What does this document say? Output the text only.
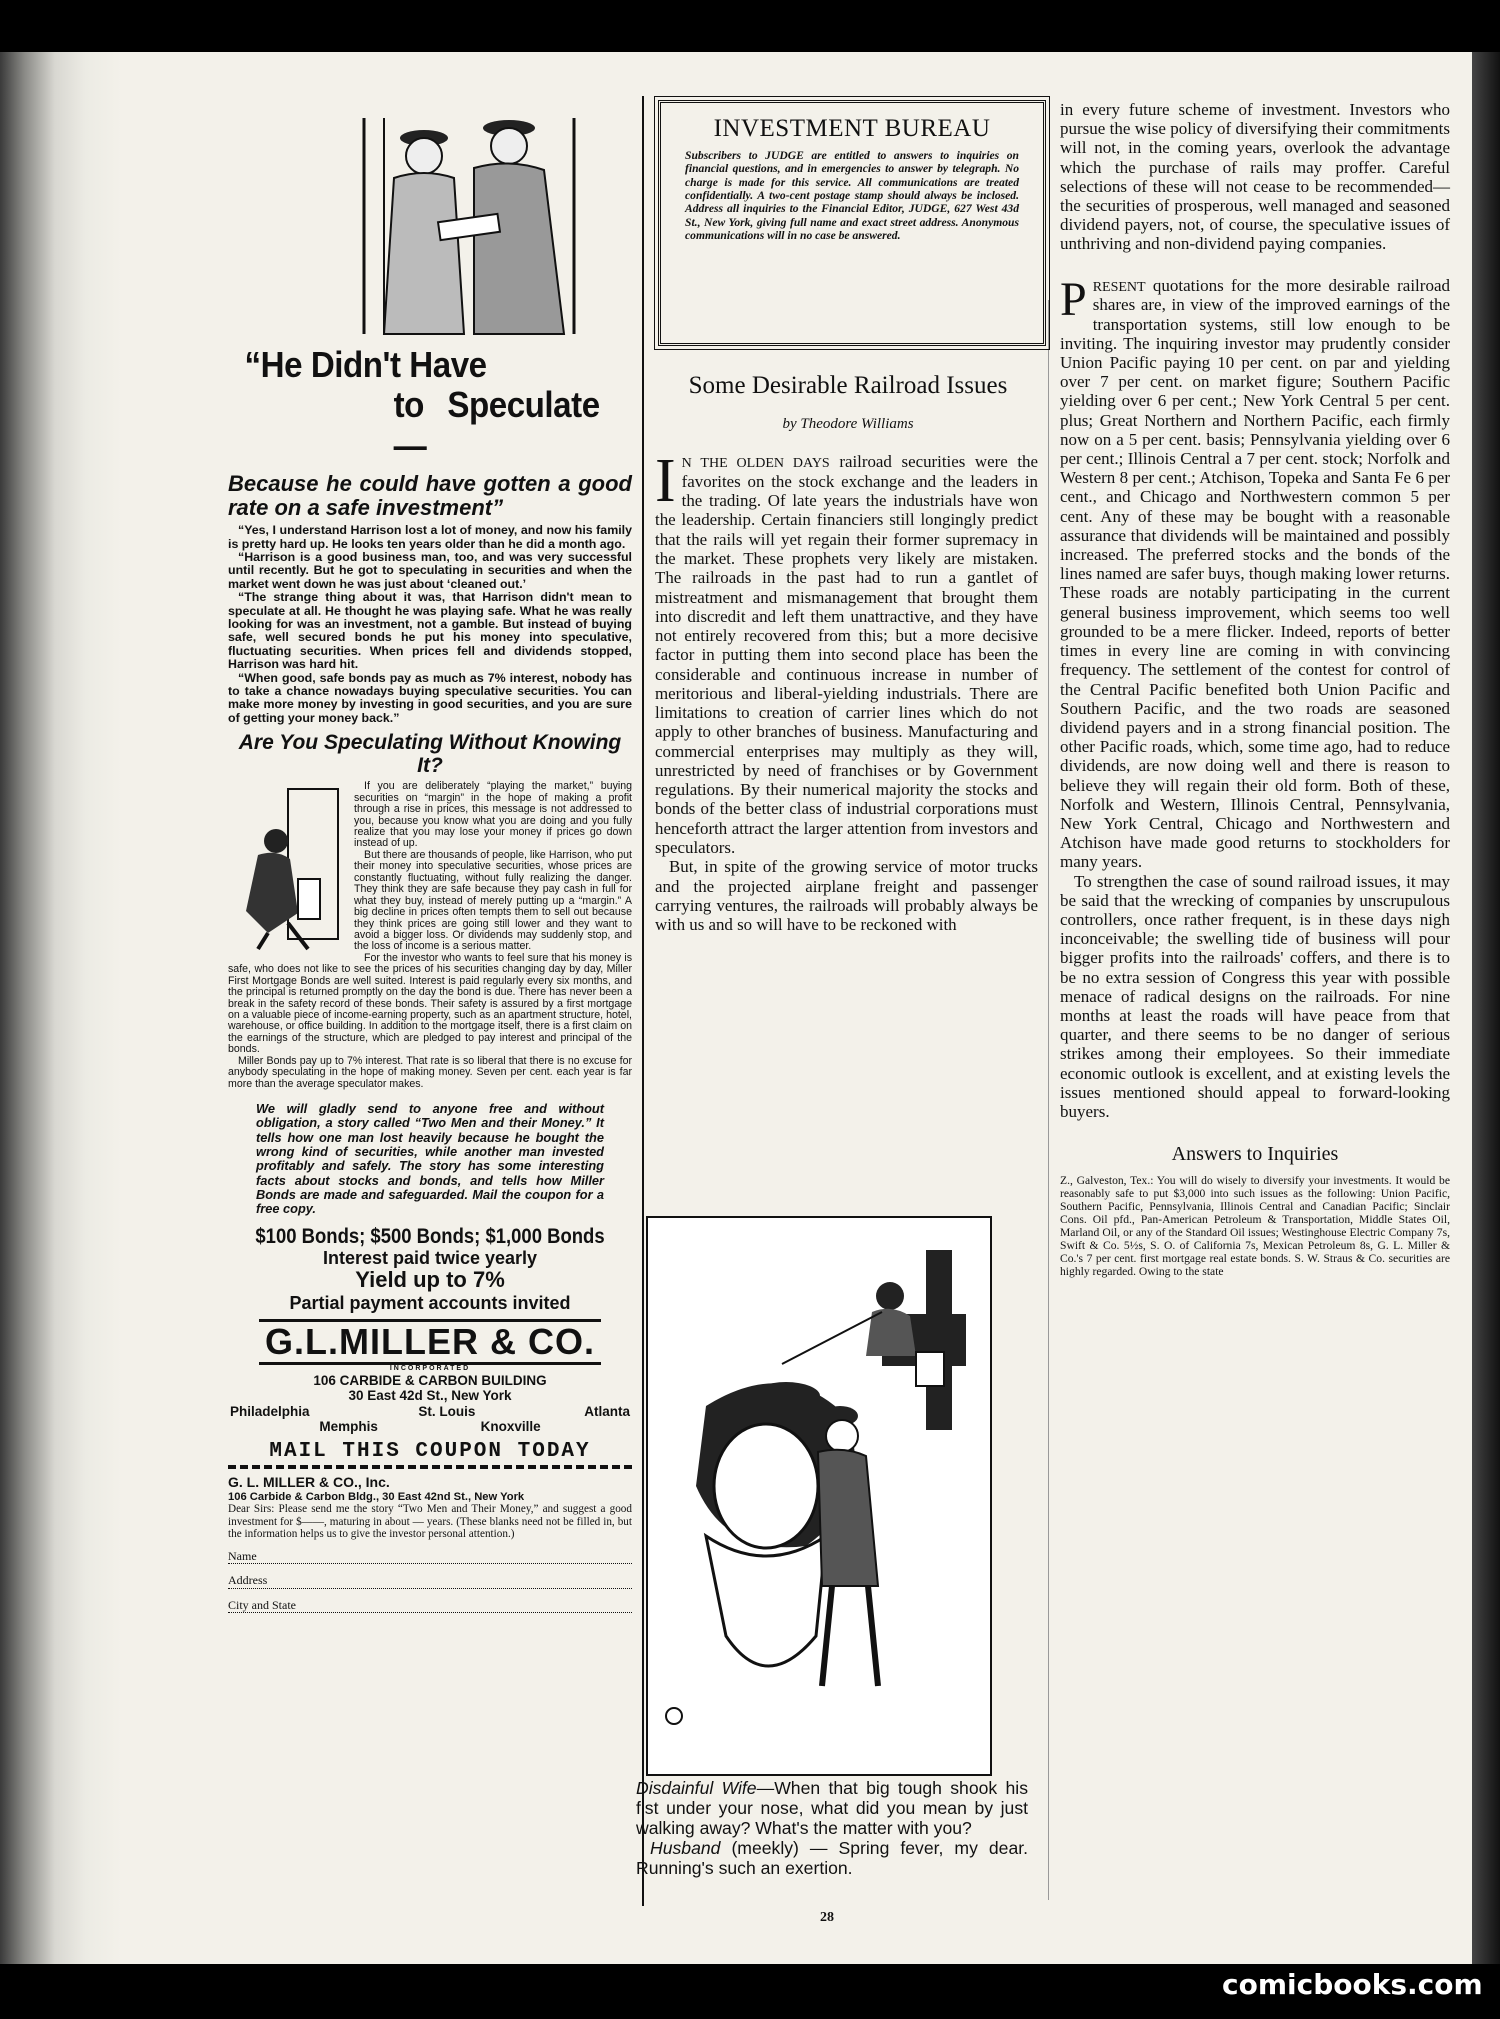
“He Didn't Have
to Speculate—
Because he could have gotten a good rate on a safe investment”

“Yes, I understand Harrison lost a lot of money, and now his family is pretty hard up. He looks ten years older than he did a month ago.

“Harrison is a good business man, too, and was very successful until recently. But he got to speculating in securities and when the market went down he was just about ‘cleaned out.’

“The strange thing about it was, that Harrison didn't mean to speculate at all. He thought he was playing safe. What he was really looking for was an investment, not a gamble. But instead of buying safe, well secured bonds he put his money into speculative, fluctuating securities. When prices fell and dividends stopped, Harrison was hard hit.

“When good, safe bonds pay as much as 7% interest, nobody has to take a chance nowadays buying speculative securities. You can make more money by investing in good securities, and you are sure of getting your money back.”

Are You Speculating Without Knowing It?

If you are deliberately “playing the market,” buying securities on “margin” in the hope of making a profit through a rise in prices, this message is not addressed to you, because you know what you are doing and you fully realize that you may lose your money if prices go down instead of up.

But there are thousands of people, like Harrison, who put their money into speculative securities, whose prices are constantly fluctuating, without fully realizing the danger. They think they are safe because they pay cash in full for what they buy, instead of merely putting up a “margin.” A big decline in prices often tempts them to sell out because they think prices are going still lower and they want to avoid a bigger loss. Or dividends may suddenly stop, and the loss of income is a serious matter.

For the investor who wants to feel sure that his money is safe, who does not like to see the prices of his securities changing day by day, Miller First Mortgage Bonds are well suited. Interest is paid regularly every six months, and the principal is returned promptly on the day the bond is due. There has never been a break in the safety record of these bonds. Their safety is assured by a first mortgage on a valuable piece of income-earning property, such as an apartment structure, hotel, warehouse, or office building. In addition to the mortgage itself, there is a first claim on the earnings of the structure, which are pledged to pay interest and principal of the bonds.

Miller Bonds pay up to 7% interest. That rate is so liberal that there is no excuse for anybody speculating in the hope of making money. Seven per cent. each year is far more than the average speculator makes.

We will gladly send to anyone free and without obligation, a story called “Two Men and their Money.” It tells how one man lost heavily because he bought the wrong kind of securities, while another man invested profitably and safely. The story has some interesting facts about stocks and bonds, and tells how Miller Bonds are made and safeguarded. Mail the coupon for a free copy.
$100 Bonds; $500 Bonds; $1,000 Bonds
Interest paid twice yearly
Yield up to 7%
Partial payment accounts invited
G.L.MILLER & CO.
INCORPORATED
106 CARBIDE & CARBON BUILDING
30 East 42d St., New York
Philadelphia	St. Louis	Atlanta
Memphis	Knoxville
MAIL THIS COUPON TODAY
G. L. MILLER & CO., Inc.
106 Carbide & Carbon Bldg., 30 East 42nd St., New York
Dear Sirs: Please send me the story “Two Men and Their Money,” and suggest a good investment for $——, maturing in about — years. (These blanks need not be filled in, but the information helps us to give the investor personal attention.)
Name
Address
City and State
INVESTMENT BUREAU

Subscribers to JUDGE are entitled to answers to inquiries on financial questions, and in emergencies to answer by telegraph. No charge is made for this service. All communications are treated confidentially. A two-cent postage stamp should always be inclosed. Address all inquiries to the Financial Editor, JUDGE, 627 West 43d St., New York, giving full name and exact street address. Anonymous communications will in no case be answered.

Some Desirable Railroad Issues
by Theodore Williams

I N THE OLDEN DAYS railroad securities were the favorites on the stock exchange and the leaders in the trading. Of late years the industrials have won the leadership. Certain financiers still longingly predict that the rails will yet regain their former supremacy in the market. These prophets very likely are mistaken. The railroads in the past had to run a gantlet of mistreatment and mismanagement that brought them into discredit and left them unattractive, and they have not entirely recovered from this; but a more decisive factor in putting them into second place has been the considerable and continuous increase in number of meritorious and liberal-yielding industrials. There are limitations to creation of carrier lines which do not apply to other branches of business. Manufacturing and commercial enterprises may multiply as they will, unrestricted by need of franchises or by Government regulations. By their numerical majority the stocks and bonds of the better class of industrial corporations must henceforth attract the larger attention from investors and speculators.

But, in spite of the growing service of motor trucks and the projected airplane freight and passenger carrying ventures, the railroads will probably always be with us and so will have to be reckoned with

Disdainful Wife—When that big tough shook his fist under your nose, what did you mean by just walking away? What's the matter with you?
Husband (meekly) — Spring fever, my dear. Running's such an exertion.

in every future scheme of investment. Investors who pursue the wise policy of diversifying their commitments will not, in the coming years, overlook the advantage which the purchase of rails may proffer. Careful selections of these will not cease to be recommended—the securities of prosperous, well managed and seasoned dividend payers, not, of course, the speculative issues of unthriving and non-dividend paying companies.

PRESENT quotations for the more desirable railroad shares are, in view of the improved earnings of the transportation systems, still low enough to be inviting. The inquiring investor may prudently consider Union Pacific paying 10 per cent. on par and yielding over 7 per cent. on market figure; Southern Pacific yielding over 6 per cent.; New York Central 5 per cent. plus; Great Northern and Northern Pacific, each firmly now on a 5 per cent. basis; Pennsylvania yielding over 6 per cent.; Illinois Central a 7 per cent. stock; Norfolk and Western 8 per cent.; Atchison, Topeka and Santa Fe 6 per cent., and Chicago and Northwestern common 5 per cent. Any of these may be bought with a reasonable assurance that dividends will be maintained and possibly increased. The preferred stocks and the bonds of the lines named are safer buys, though making lower returns. These roads are notably participating in the current general business improvement, which seems too well grounded to be a mere flicker. Indeed, reports of better times in every line are coming in with convincing frequency. The settlement of the contest for control of the Central Pacific benefited both Union Pacific and Southern Pacific, and the two roads are seasoned dividend payers and in a strong financial position. The other Pacific roads, which, some time ago, had to reduce dividends, are now doing well and there is reason to believe they will regain their old form. Both of these, Norfolk and Western, Illinois Central, Pennsylvania, New York Central, Chicago and Northwestern and Atchison have made good returns to stockholders for many years.

To strengthen the case of sound railroad issues, it may be said that the wrecking of companies by unscrupulous controllers, once rather frequent, is in these days nigh inconceivable; the swelling tide of business will pour bigger profits into the railroads' coffers, and there is to be no extra session of Congress this year with possible menace of radical designs on the railroads. For nine months at least the roads will have peace from that quarter, and there seems to be no danger of serious strikes among their employees. So their immediate economic outlook is excellent, and at existing levels the issues mentioned should appeal to forward-looking buyers.

Answers to Inquiries
Z., Galveston, Tex.: You will do wisely to diversify your investments. It would be reasonably safe to put $3,000 into such issues as the following: Union Pacific, Southern Pacific, Pennsylvania, Illinois Central and Canadian Pacific; Sinclair Cons. Oil pfd., Pan-American Petroleum & Transportation, Middle States Oil, Marland Oil, or any of the Standard Oil issues; Westinghouse Electric Company 7s, Swift & Co. 5½s, S. O. of California 7s, Mexican Petroleum 8s, G. L. Miller & Co.'s 7 per cent. first mortgage real estate bonds. S. W. Straus & Co. securities are highly regarded. Owing to the state
28
comicbooks.com
